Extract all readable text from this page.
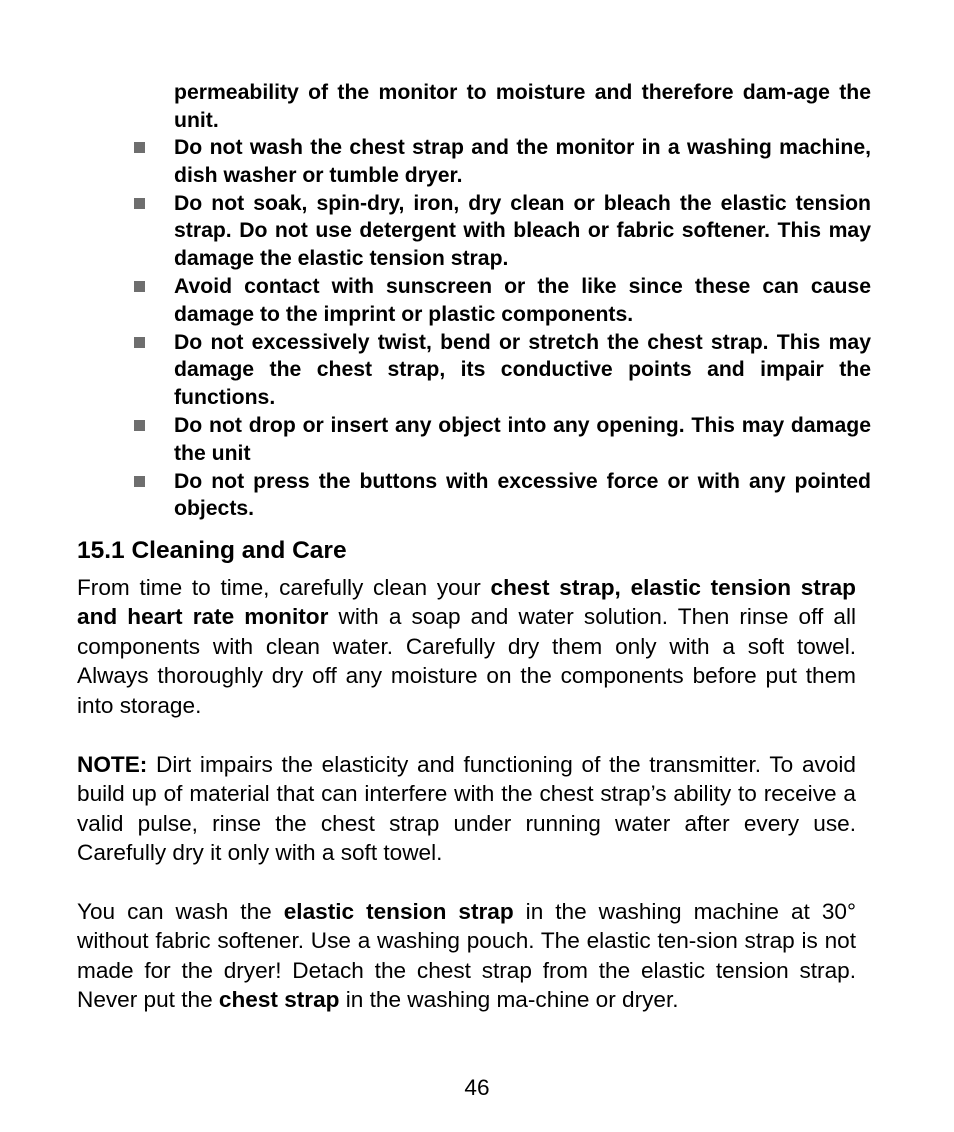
permeability of the monitor to moisture and therefore dam-age the unit.

Do not wash the chest strap and the monitor in a washing machine, dish washer or tumble dryer.
Do not soak, spin-dry, iron, dry clean or bleach the elastic tension strap. Do not use detergent with bleach or fabric softener. This may damage the elastic tension strap.
Avoid contact with sunscreen or the like since these can cause damage to the imprint or plastic components.
Do not excessively twist, bend or stretch the chest strap. This may damage the chest strap, its conductive points and impair the functions.
Do not drop or insert any object into any opening. This may damage the unit
Do not press the buttons with excessive force or with any pointed objects.
15.1 Cleaning and Care

From time to time, carefully clean your chest strap, elastic tension strap and heart rate monitor with a soap and water solution. Then rinse off all components with clean water. Carefully dry them only with a soft towel. Always thoroughly dry off any moisture on the components before put them into storage.

NOTE: Dirt impairs the elasticity and functioning of the transmitter. To avoid build up of material that can interfere with the chest strap’s ability to receive a valid pulse, rinse the chest strap under running water after every use. Carefully dry it only with a soft towel.

You can wash the elastic tension strap in the washing machine at 30° without fabric softener. Use a washing pouch. The elastic ten-sion strap is not made for the dryer! Detach the chest strap from the elastic tension strap. Never put the chest strap in the washing ma-chine or dryer.

46
